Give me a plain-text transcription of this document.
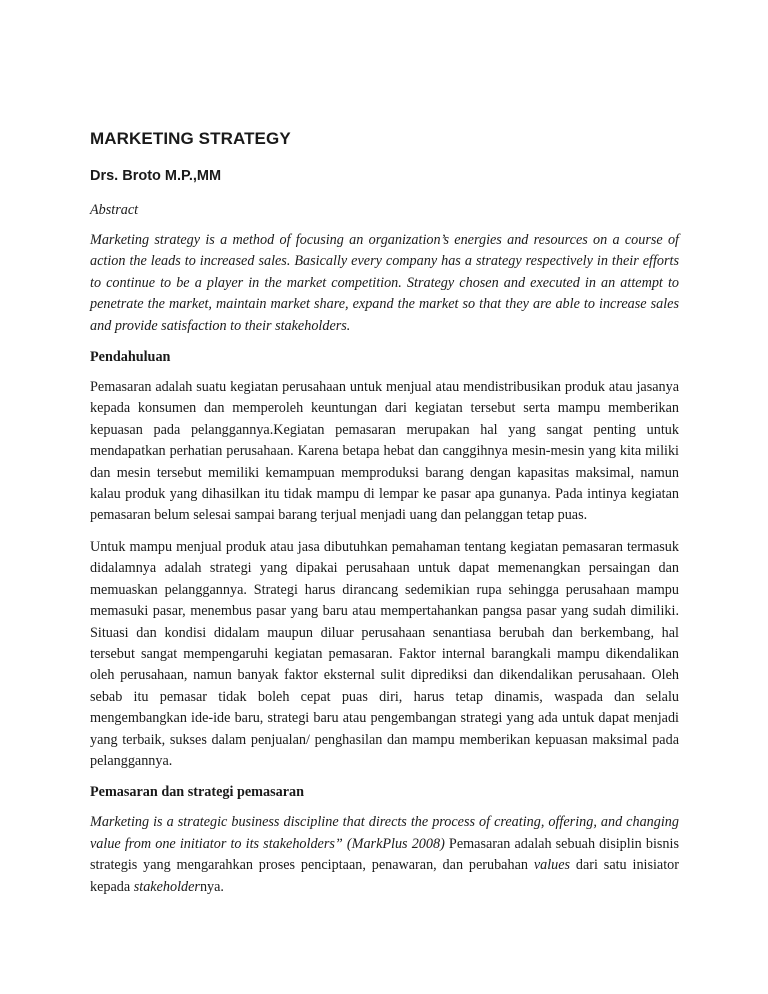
MARKETING STRATEGY
Drs. Broto M.P.,MM
Abstract

Marketing strategy is a method of focusing an organization’s energies and resources on a course of action the leads to increased sales. Basically every company has a strategy respectively in their efforts to continue to be a player in the market competition. Strategy chosen and executed in an attempt to penetrate the market, maintain market share, expand the market so that they are able to increase sales and provide satisfaction to their stakeholders.

Pendahuluan

Pemasaran adalah suatu kegiatan perusahaan untuk menjual atau mendistribusikan produk atau jasanya kepada konsumen dan memperoleh keuntungan dari kegiatan tersebut serta mampu memberikan kepuasan pada pelanggannya.Kegiatan pemasaran merupakan hal yang sangat penting untuk mendapatkan perhatian perusahaan. Karena betapa hebat dan canggihnya mesin-mesin yang kita miliki dan mesin tersebut memiliki kemampuan memproduksi barang dengan kapasitas maksimal, namun kalau produk yang dihasilkan itu tidak mampu di lempar ke pasar apa gunanya. Pada intinya kegiatan pemasaran belum selesai sampai barang terjual menjadi uang dan pelanggan tetap puas.

Untuk mampu menjual produk atau jasa dibutuhkan pemahaman tentang kegiatan pemasaran termasuk didalamnya adalah strategi yang dipakai perusahaan untuk dapat memenangkan persaingan dan memuaskan pelanggannya. Strategi harus dirancang sedemikian rupa sehingga perusahaan mampu memasuki pasar, menembus pasar yang baru atau mempertahankan pangsa pasar yang sudah dimiliki. Situasi dan kondisi didalam maupun diluar perusahaan senantiasa berubah dan berkembang, hal tersebut sangat mempengaruhi kegiatan pemasaran. Faktor internal barangkali mampu dikendalikan oleh perusahaan, namun banyak faktor eksternal sulit diprediksi dan dikendalikan perusahaan. Oleh sebab itu pemasar tidak boleh cepat puas diri, harus tetap dinamis, waspada dan selalu mengembangkan ide-ide baru, strategi baru atau pengembangan strategi yang ada untuk dapat menjadi yang terbaik, sukses dalam penjualan/ penghasilan dan mampu memberikan kepuasan maksimal pada pelanggannya.

Pemasaran dan strategi pemasaran

Marketing is a strategic business discipline that directs the process of creating, offering, and changing value from one initiator to its stakeholders” (MarkPlus 2008) Pemasaran adalah sebuah disiplin bisnis strategis yang mengarahkan proses penciptaan, penawaran, dan perubahan values dari satu inisiator kepada stakeholdernya.
